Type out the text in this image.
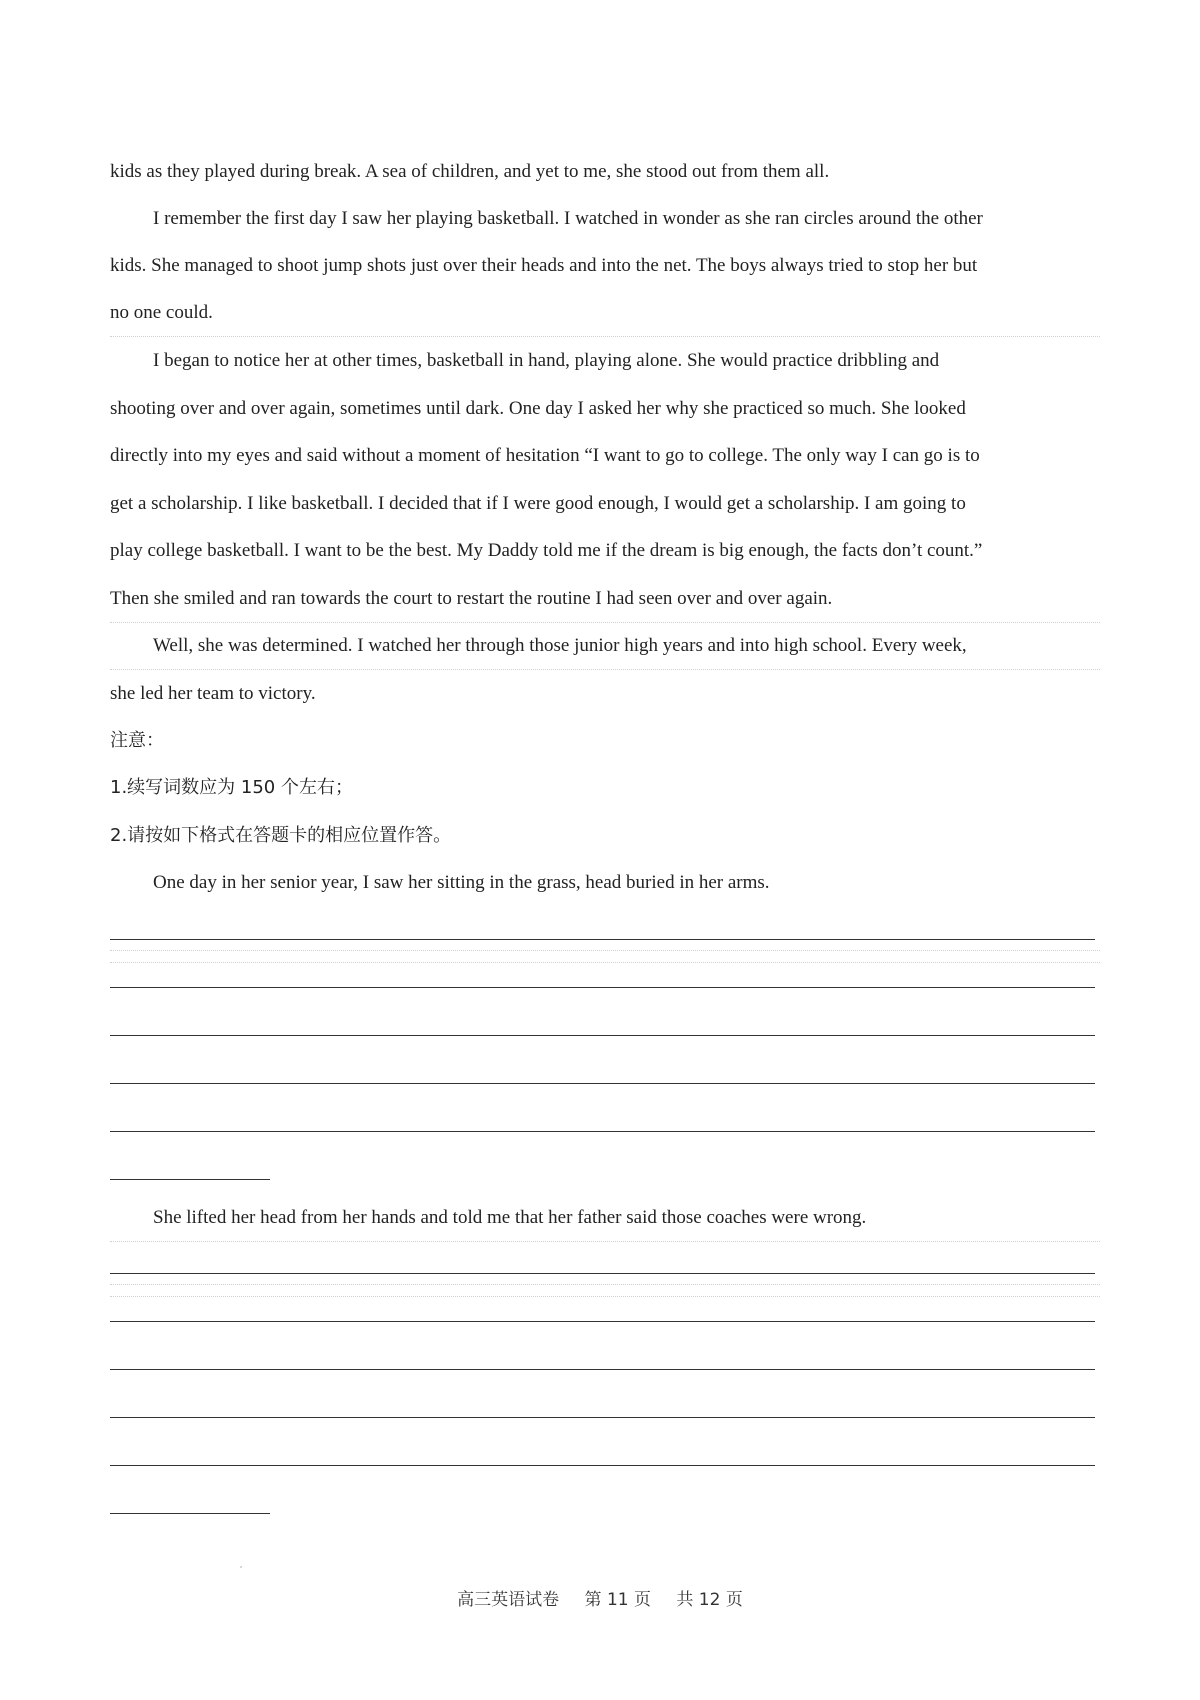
kids as they played during break. A sea of children, and yet to me, she stood out from them all.
I remember the first day I saw her playing basketball. I watched in wonder as she ran circles around the other
kids. She managed to shoot jump shots just over their heads and into the net. The boys always tried to stop her but
no one could.
I began to notice her at other times, basketball in hand, playing alone. She would practice dribbling and
shooting over and over again, sometimes until dark. One day I asked her why she practiced so much. She looked
directly into my eyes and said without a moment of hesitation “I want to go to college. The only way I can go is to
get a scholarship. I like basketball. I decided that if I were good enough, I would get a scholarship. I am going to
play college basketball. I want to be the best. My Daddy told me if the dream is big enough, the facts don’t count.”
Then she smiled and ran towards the court to restart the routine I had seen over and over again.
Well, she was determined. I watched her through those junior high years and into high school. Every week,
she led her team to victory.
注意：
1.续写词数应为 150 个左右；
2.请按如下格式在答题卡的相应位置作答。
One day in her senior year, I saw her sitting in the grass, head buried in her arms.
She lifted her head from her hands and told me that her father said those coaches were wrong.
高三英语试卷 第 11 页 共 12 页
